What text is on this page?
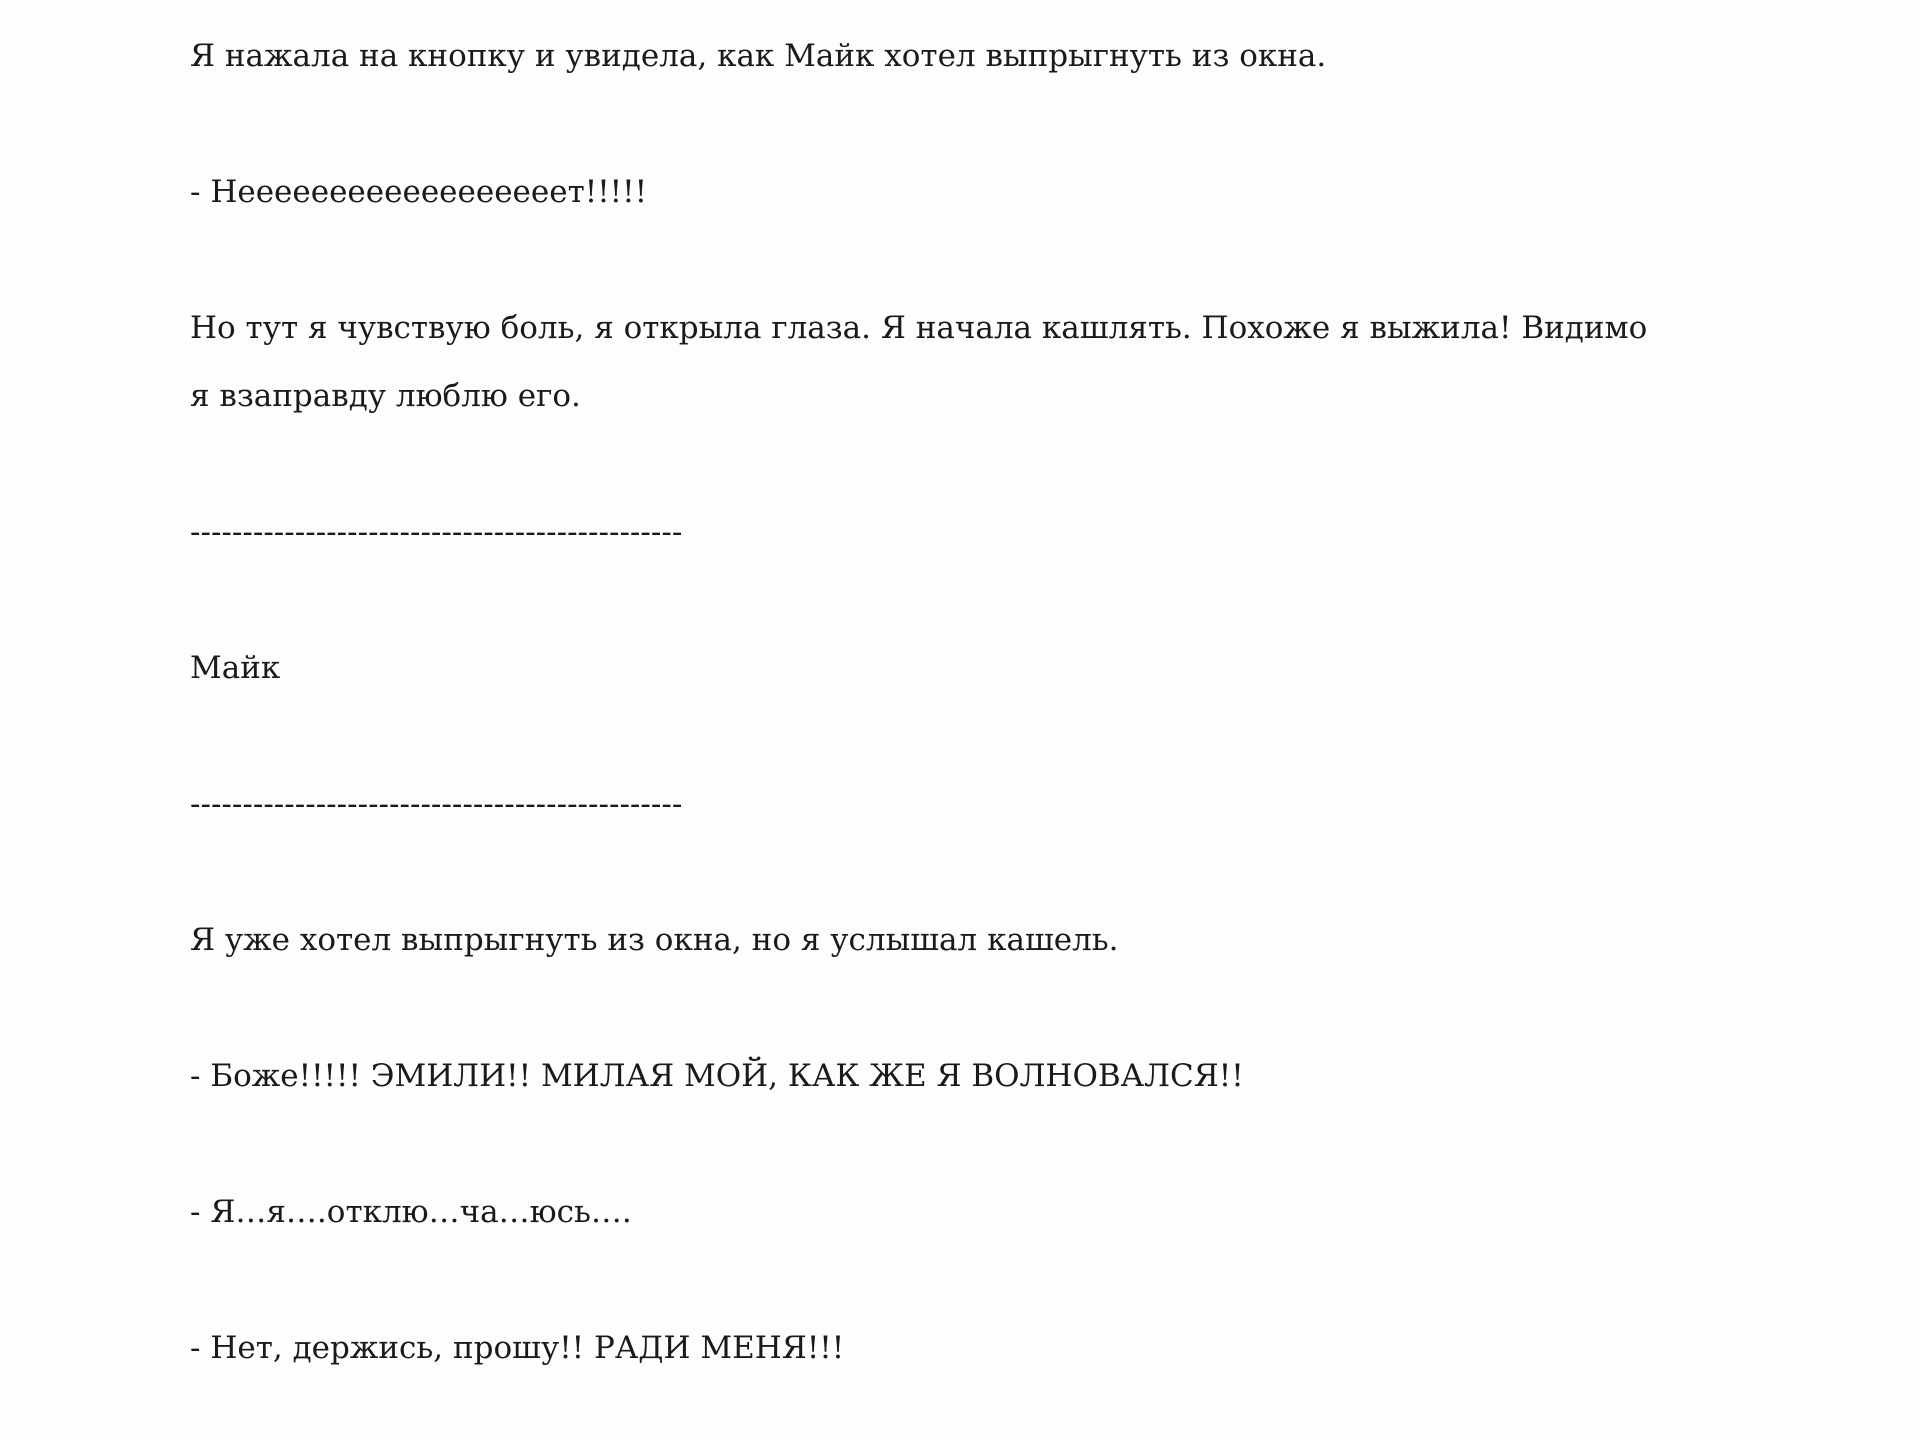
Я нажала на кнопку и увидела, как Майк хотел выпрыгнуть из окна.

- Неееееееееееееееееет!!!!!

Но тут я чувствую боль, я открыла глаза. Я начала кашлять. Похоже я выжила! Видимо я взаправду люблю его.

-----------------------------------------------

Майк

-----------------------------------------------

Я уже хотел выпрыгнуть из окна, но я услышал кашель.

- Боже!!!!! ЭМИЛИ!! МИЛАЯ МОЙ, КАК ЖЕ Я ВОЛНОВАЛСЯ!!

- Я…я….отклю…ча…юсь….

- Нет, держись, прошу!! РАДИ МЕНЯ!!!
